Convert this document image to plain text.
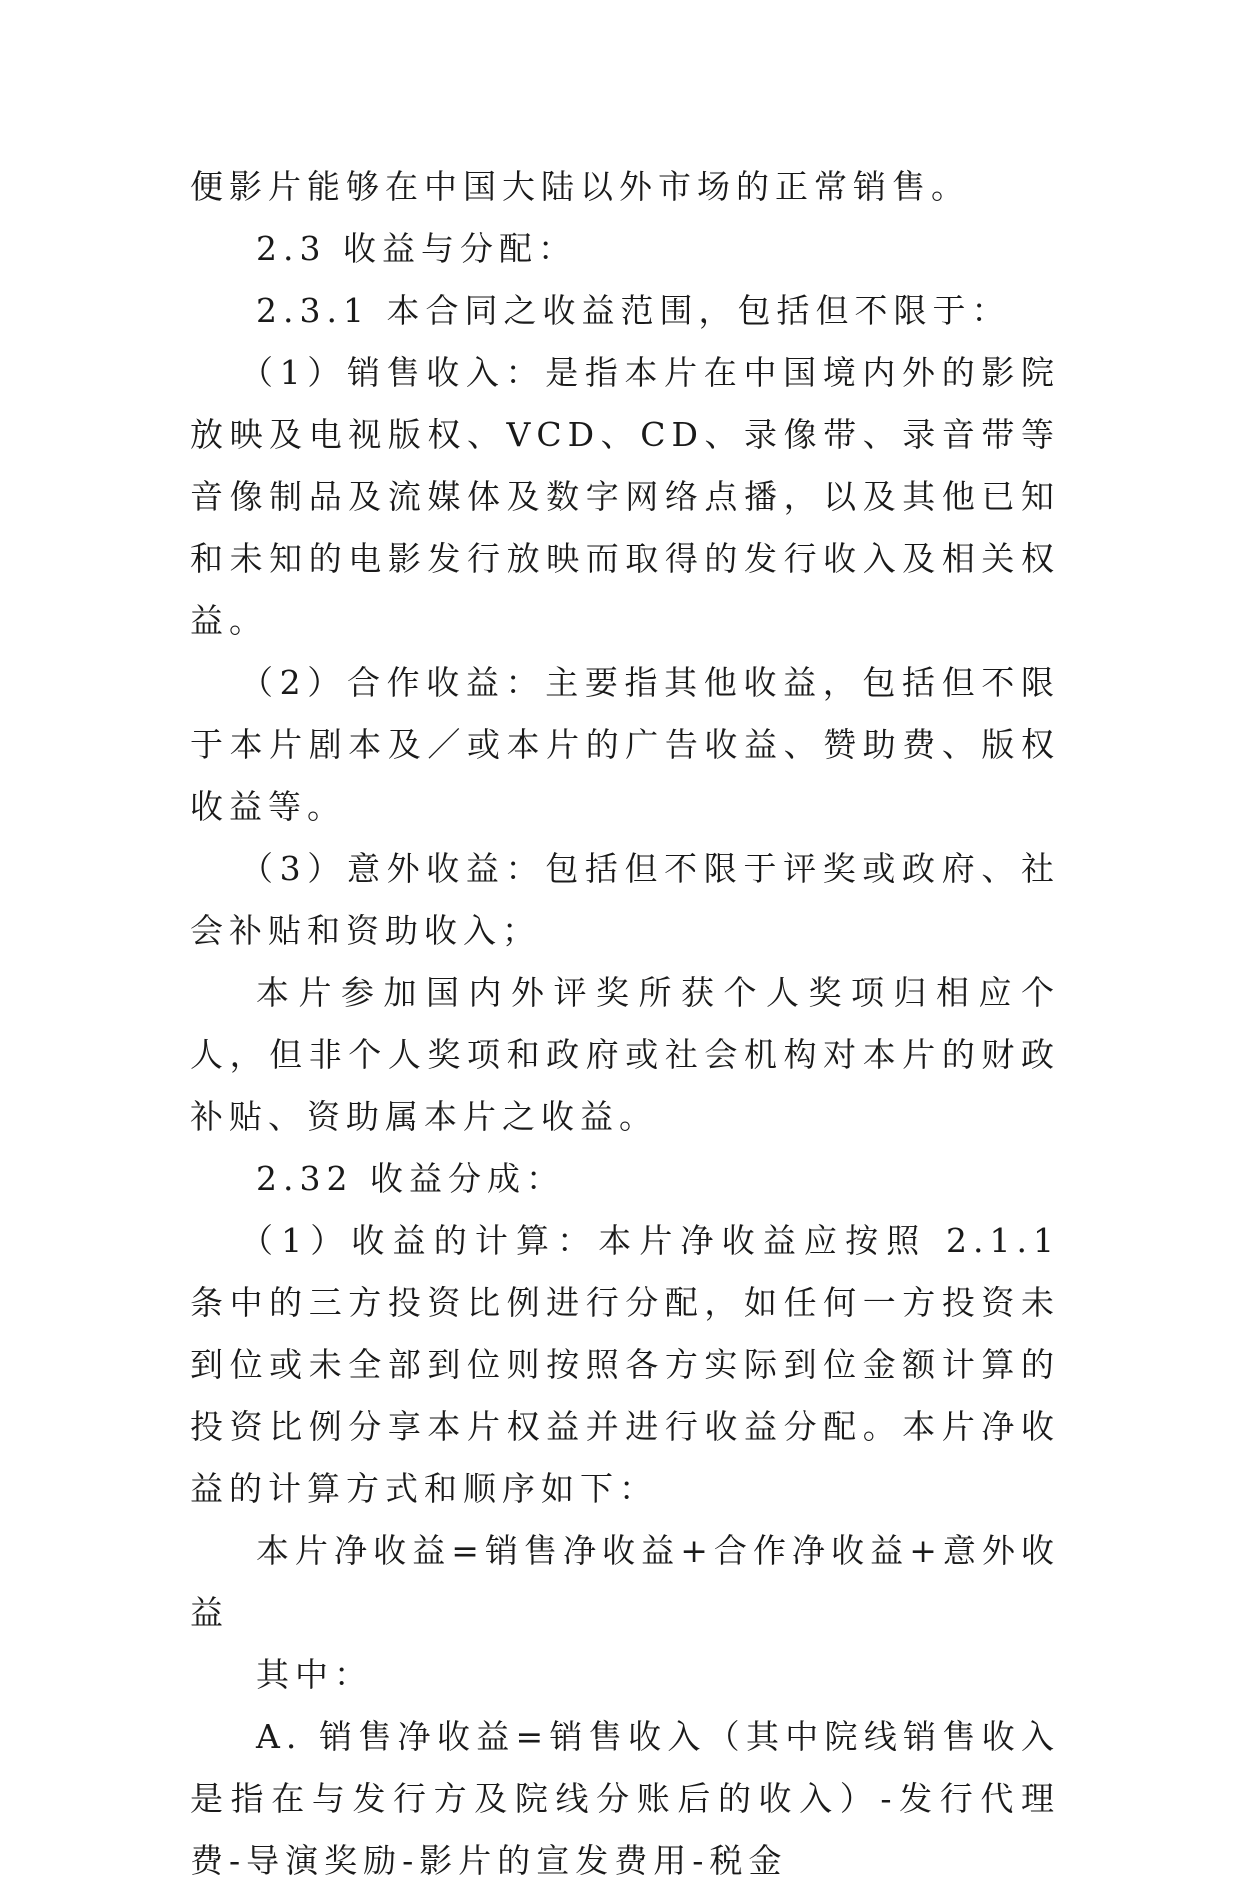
便影片能够在中国大陆以外市场的正常销售。

2.3 收益与分配：

2.3.1 本合同之收益范围，包括但不限于：

（1）销售收入：是指本片在中国境内外的影院放映及电视版权、VCD、CD、录像带、录音带等音像制品及流媒体及数字网络点播，以及其他已知和未知的电影发行放映而取得的发行收入及相关权益。

（2）合作收益：主要指其他收益，包括但不限于本片剧本及／或本片的广告收益、赞助费、版权收益等。

（3）意外收益：包括但不限于评奖或政府、社会补贴和资助收入；

本片参加国内外评奖所获个人奖项归相应个人，但非个人奖项和政府或社会机构对本片的财政补贴、资助属本片之收益。

2.32 收益分成：

（1）收益的计算：本片净收益应按照 2.1.1 条中的三方投资比例进行分配，如任何一方投资未到位或未全部到位则按照各方实际到位金额计算的投资比例分享本片权益并进行收益分配。本片净收益的计算方式和顺序如下：

本片净收益=销售净收益+合作净收益+意外收益

其中：

A. 销售净收益=销售收入（其中院线销售收入是指在与发行方及院线分账后的收入）-发行代理费-导演奖励-影片的宣发费用-税金
